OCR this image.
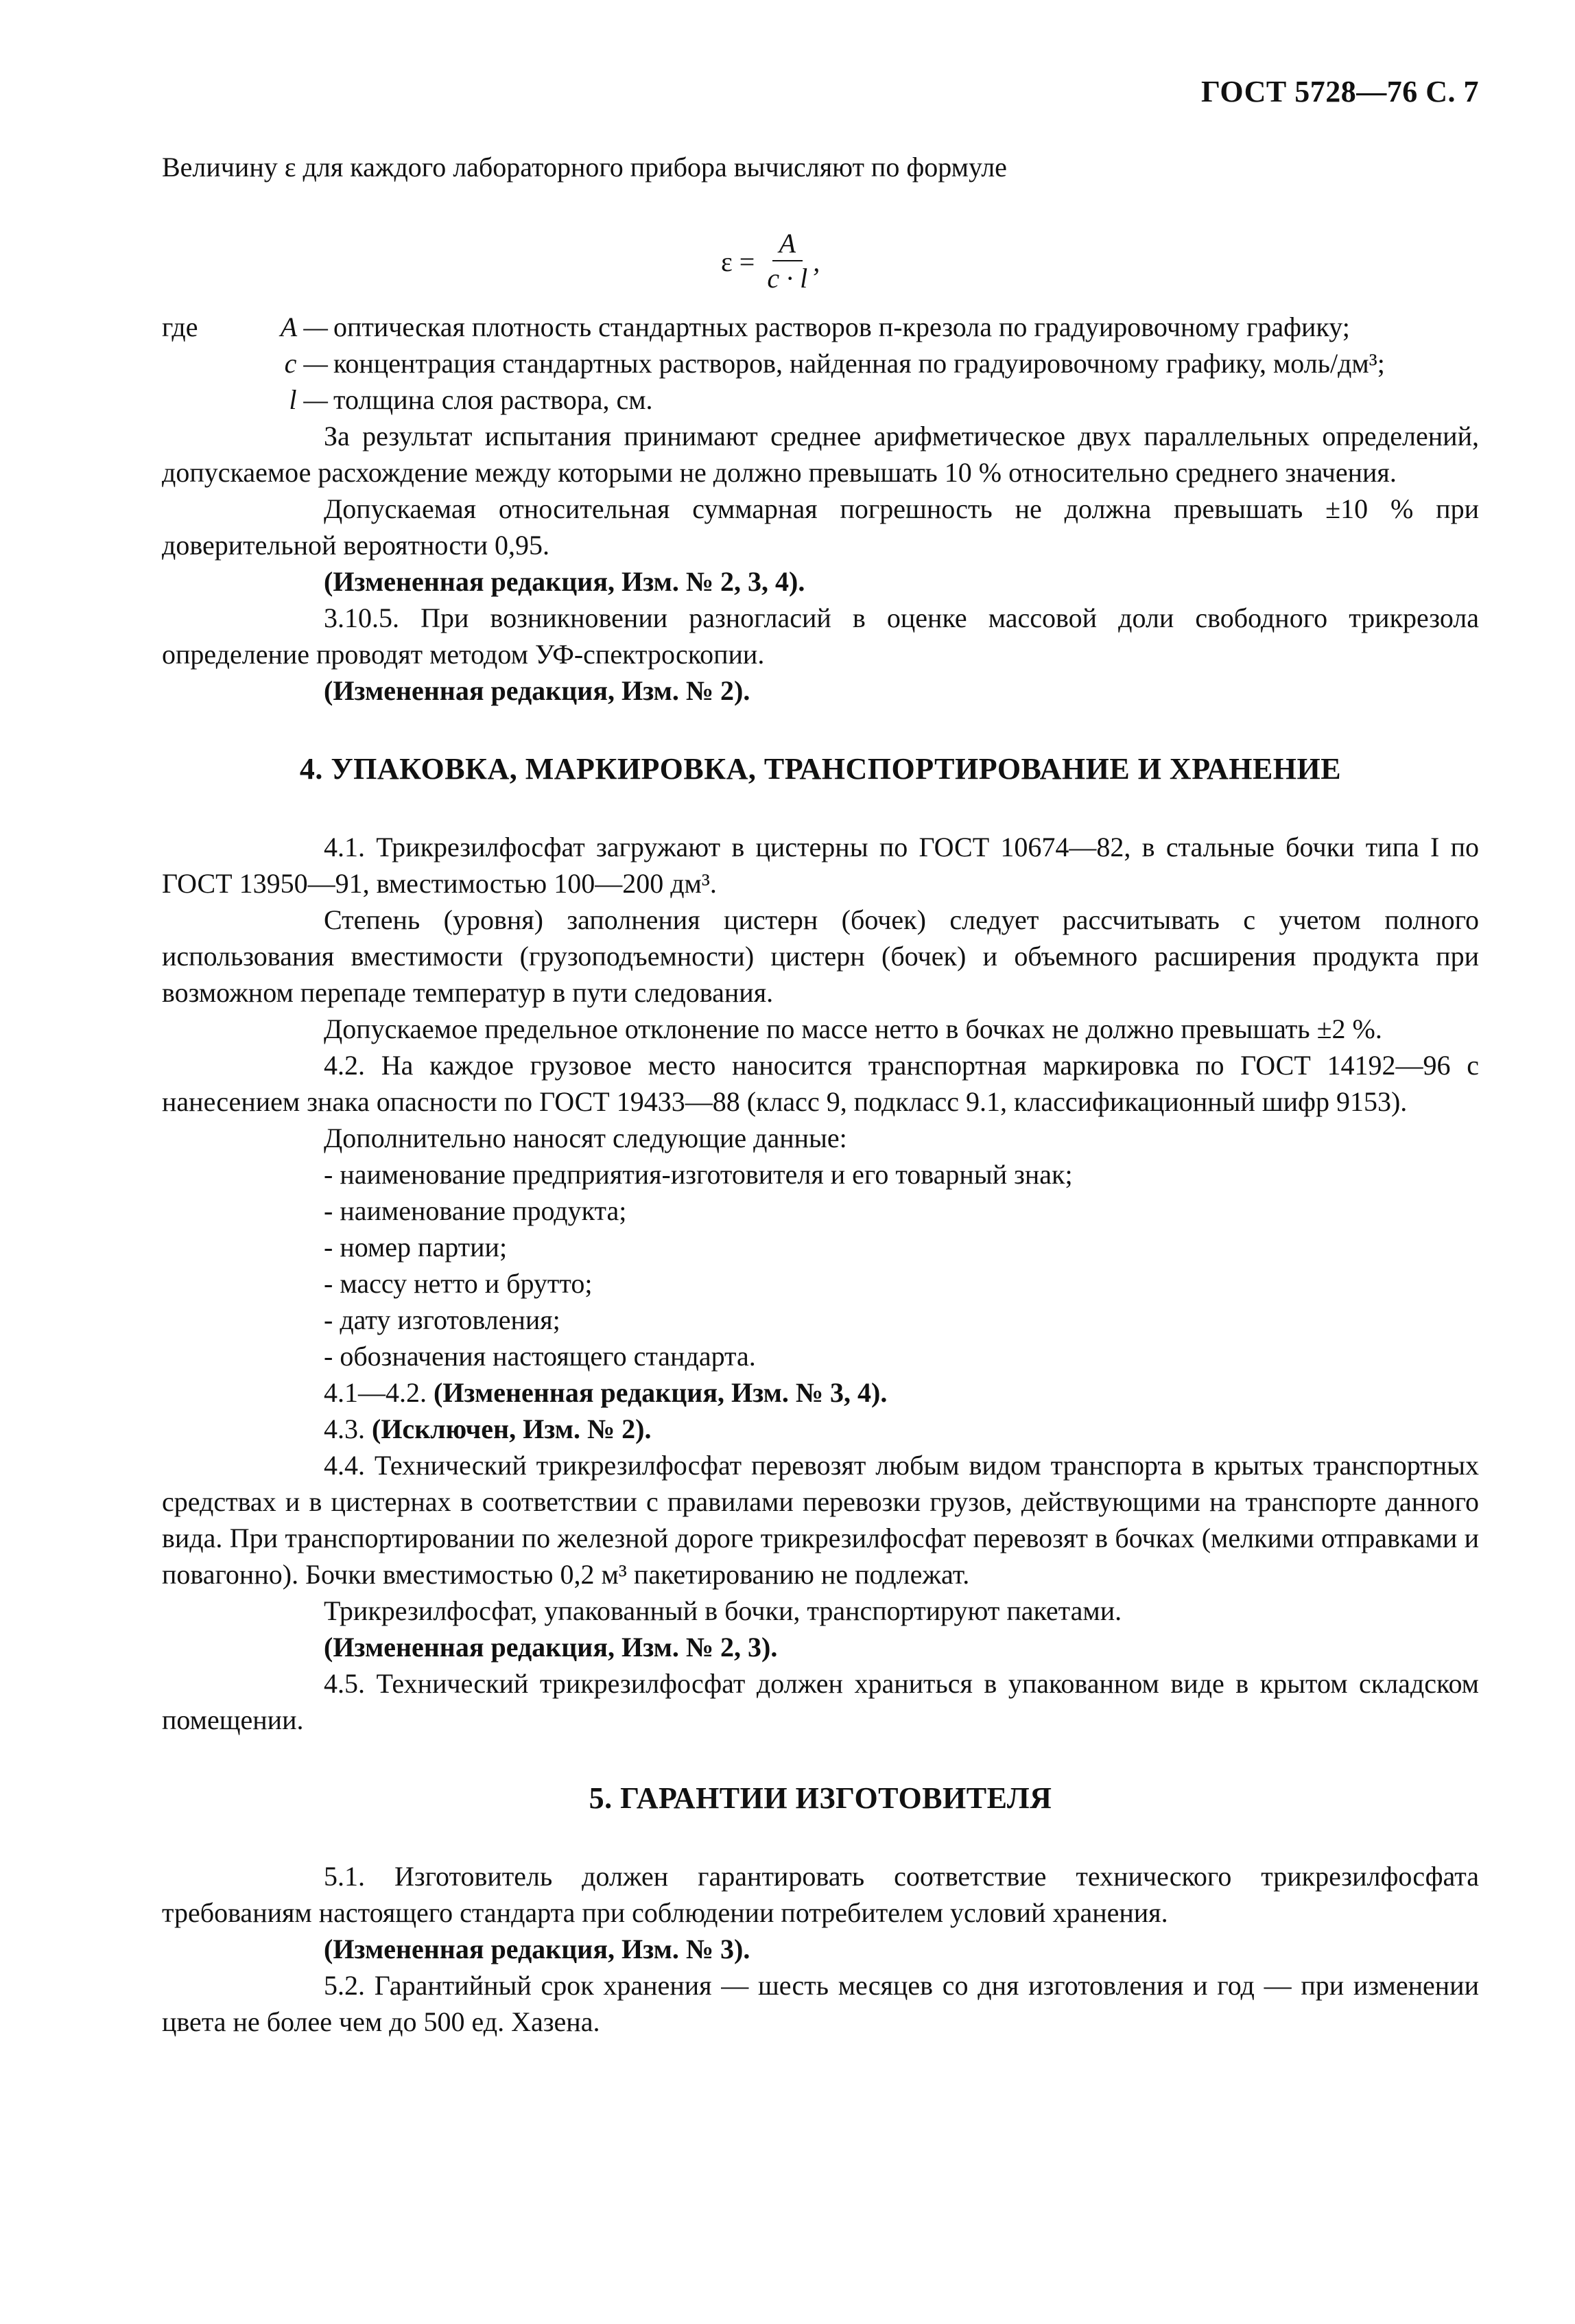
ГОСТ 5728—76 С. 7

Величину ε для каждого лабораторного прибора вычисляют по формуле

$\varepsilon = \frac{A}{c \cdot l}$ ,
где	A — оптическая плотность стандартных растворов п-крезола по градуировочному графику;
c — концентрация стандартных растворов, найденная по градуировочному графику, моль/дм³;
l — толщина слоя раствора, см.

За результат испытания принимают среднее арифметическое двух параллельных определений, допускаемое расхождение между которыми не должно превышать 10 % относительно среднего значения.

Допускаемая относительная суммарная погрешность не должна превышать ±10 % при доверительной вероятности 0,95.

(Измененная редакция, Изм. № 2, 3, 4).

3.10.5. При возникновении разногласий в оценке массовой доли свободного трикрезола определение проводят методом УФ-спектроскопии.

(Измененная редакция, Изм. № 2).

4. УПАКОВКА, МАРКИРОВКА, ТРАНСПОРТИРОВАНИЕ И ХРАНЕНИЕ

4.1. Трикрезилфосфат загружают в цистерны по ГОСТ 10674—82, в стальные бочки типа I по ГОСТ 13950—91, вместимостью 100—200 дм³.

Степень (уровня) заполнения цистерн (бочек) следует рассчитывать с учетом полного использования вместимости (грузоподъемности) цистерн (бочек) и объемного расширения продукта при возможном перепаде температур в пути следования.

Допускаемое предельное отклонение по массе нетто в бочках не должно превышать ±2 %.

4.2. На каждое грузовое место наносится транспортная маркировка по ГОСТ 14192—96 с нанесением знака опасности по ГОСТ 19433—88 (класс 9, подкласс 9.1, классификационный шифр 9153).

Дополнительно наносят следующие данные:

- наименование предприятия-изготовителя и его товарный знак;
- наименование продукта;
- номер партии;
- массу нетто и брутто;
- дату изготовления;
- обозначения настоящего стандарта.

4.1—4.2. (Измененная редакция, Изм. № 3, 4).

4.3. (Исключен, Изм. № 2).

4.4. Технический трикрезилфосфат перевозят любым видом транспорта в крытых транспортных средствах и в цистернах в соответствии с правилами перевозки грузов, действующими на транспорте данного вида. При транспортировании по железной дороге трикрезилфосфат перевозят в бочках (мелкими отправками и повагонно). Бочки вместимостью 0,2 м³ пакетированию не подлежат.

Трикрезилфосфат, упакованный в бочки, транспортируют пакетами.

(Измененная редакция, Изм. № 2, 3).

4.5. Технический трикрезилфосфат должен храниться в упакованном виде в крытом складском помещении.

5. ГАРАНТИИ ИЗГОТОВИТЕЛЯ

5.1. Изготовитель должен гарантировать соответствие технического трикрезилфосфата требованиям настоящего стандарта при соблюдении потребителем условий хранения.

(Измененная редакция, Изм. № 3).

5.2. Гарантийный срок хранения — шесть месяцев со дня изготовления и год — при изменении цвета не более чем до 500 ед. Хазена.
